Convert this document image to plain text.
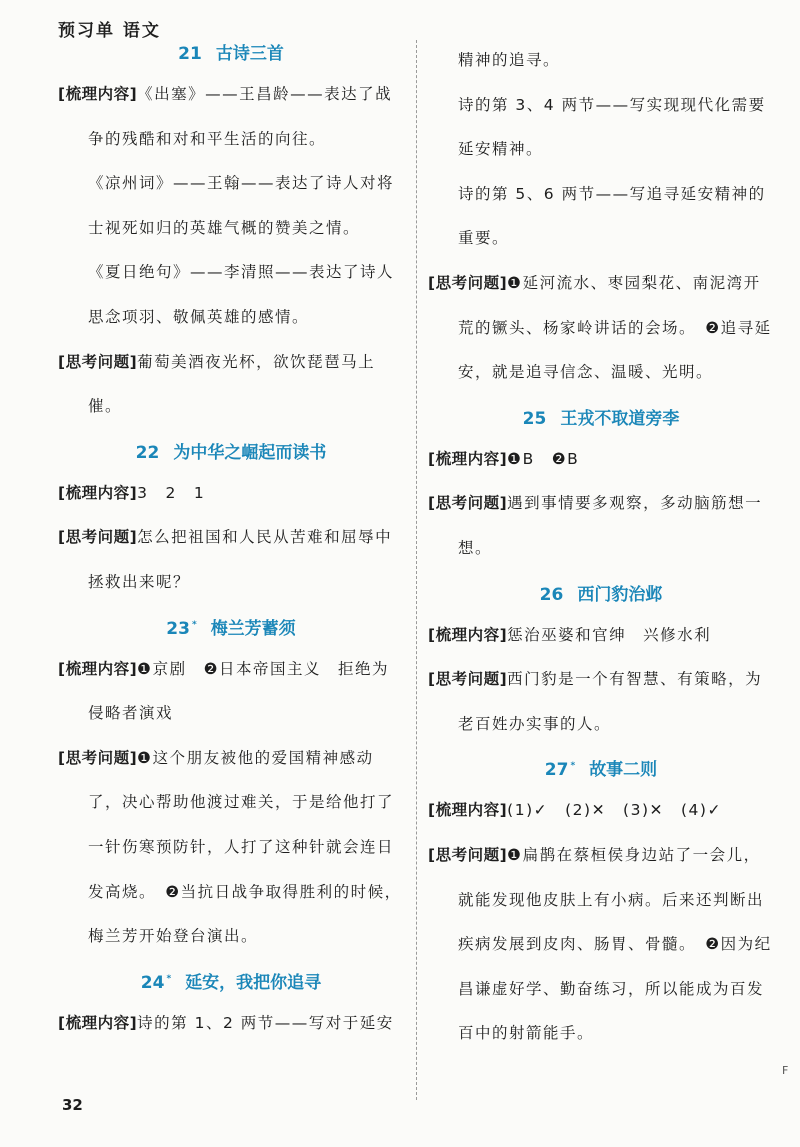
预习单 语文
21 古诗三首

[梳理内容]《出塞》——王昌龄——表达了战争的残酷和对和平生活的向往。

《凉州词》——王翰——表达了诗人对将士视死如归的英雄气概的赞美之情。

《夏日绝句》——李清照——表达了诗人思念项羽、敬佩英雄的感情。

[思考问题]葡萄美酒夜光杯，欲饮琵琶马上催。

22 为中华之崛起而读书

[梳理内容]3　2　1

[思考问题]怎么把祖国和人民从苦难和屈辱中拯救出来呢？

23 * 梅兰芳蓄须

[梳理内容]❶京剧　❷日本帝国主义　拒绝为侵略者演戏

[思考问题]❶这个朋友被他的爱国精神感动了，决心帮助他渡过难关，于是给他打了一针伤寒预防针，人打了这种针就会连日发高烧。　❷当抗日战争取得胜利的时候，梅兰芳开始登台演出。

24 * 延安，我把你追寻

[梳理内容]诗的第 1、2 两节——写对于延安

精神的追寻。

诗的第 3、4 两节——写实现现代化需要延安精神。

诗的第 5、6 两节——写追寻延安精神的重要。

[思考问题]❶延河流水、枣园梨花、南泥湾开荒的镢头、杨家岭讲话的会场。　❷追寻延安，就是追寻信念、温暖、光明。

25 王戎不取道旁李

[梳理内容]❶B　❷B

[思考问题]遇到事情要多观察，多动脑筋想一想。

26 西门豹治邺

[梳理内容]惩治巫婆和官绅　兴修水利

[思考问题]西门豹是一个有智慧、有策略，为老百姓办实事的人。

27 * 故事二则

[梳理内容](1)✓　(2)✕　(3)✕　(4)✓

[思考问题]❶扁鹊在蔡桓侯身边站了一会儿，就能发现他皮肤上有小病。后来还判断出疾病发展到皮肉、肠胃、骨髓。　❷因为纪昌谦虚好学、勤奋练习，所以能成为百发百中的射箭能手。

32
F
